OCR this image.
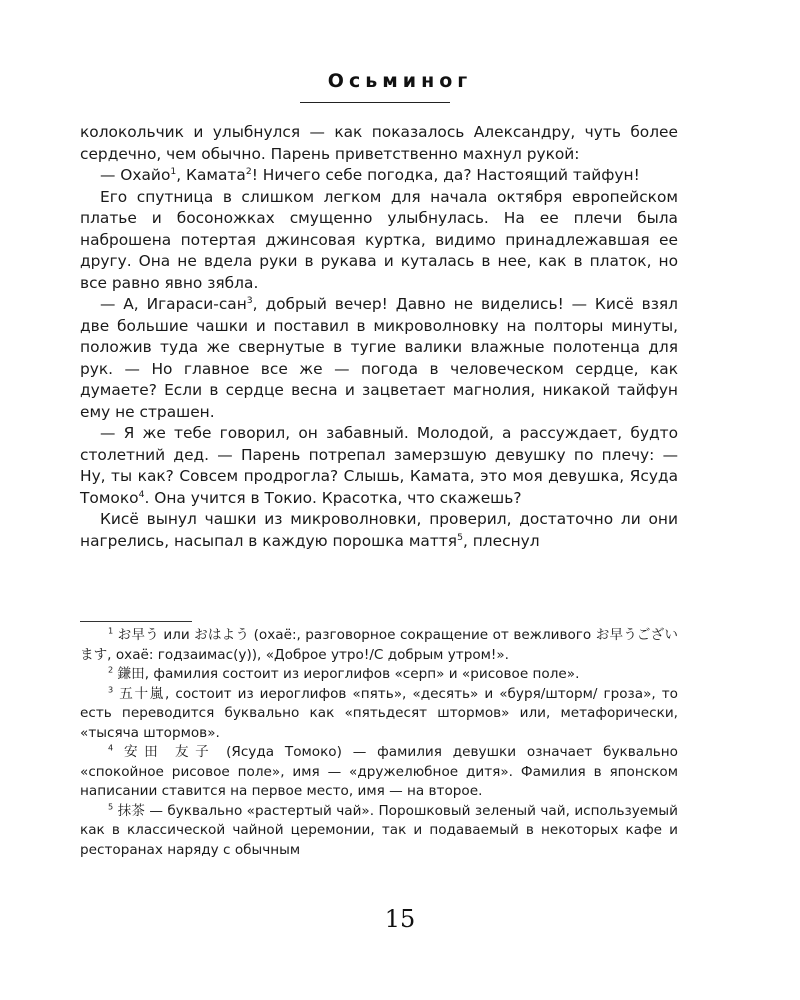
Осьминог

колокольчик и улыбнулся — как показалось Александру, чуть более сердечно, чем обычно. Парень приветственно махнул рукой:

— Охайо$^1$, Камата$^2$! Ничего себе погодка, да? Настоящий тайфун!

Его спутница в слишком легком для начала октября европейском платье и босоножках смущенно улыбнулась. На ее плечи была наброшена потертая джинсовая куртка, видимо принадлежавшая ее другу. Она не вдела руки в рукава и куталась в нее, как в платок, но все равно явно зябла.

— А, Игараси-сан$^3$, добрый вечер! Давно не виделись! — Кисё взял две большие чашки и поставил в микроволновку на полторы минуты, положив туда же свернутые в тугие валики влажные полотенца для рук. — Но главное все же — погода в человеческом сердце, как думаете? Если в сердце весна и зацветает магнолия, никакой тайфун ему не страшен.

— Я же тебе говорил, он забавный. Молодой, а рассуждает, будто столетний дед. — Парень потрепал замерзшую девушку по плечу: — Ну, ты как? Совсем продрогла? Слышь, Камата, это моя девушка, Ясуда Томоко$^4$. Она учится в Токио. Красотка, что скажешь?

Кисё вынул чашки из микроволновки, проверил, достаточно ли они нагрелись, насыпал в каждую порошка маття$^5$, плеснул

$^1$ お早う или おはよう (охаё:, разговорное сокращение от вежливого お早うございます, охаё: годзаимас(у)), «Доброе утро!/С добрым утром!».

$^2$ 鎌田, фамилия состоит из иероглифов «серп» и «рисовое поле».

$^3$ 五十嵐, состоит из иероглифов «пять», «десять» и «буря/шторм/ гроза», то есть переводится буквально как «пятьдесят штормов» или, метафорически, «тысяча штормов».

$^4$ 安田 友子 (Ясуда Томоко) — фамилия девушки означает буквально «спокойное рисовое поле», имя — «дружелюбное дитя». Фамилия в японском написании ставится на первое место, имя — на второе.

$^5$ 抹茶 — буквально «растертый чай». Порошковый зеленый чай, используемый как в классической чайной церемонии, так и подаваемый в некоторых кафе и ресторанах наряду с обычным

15
